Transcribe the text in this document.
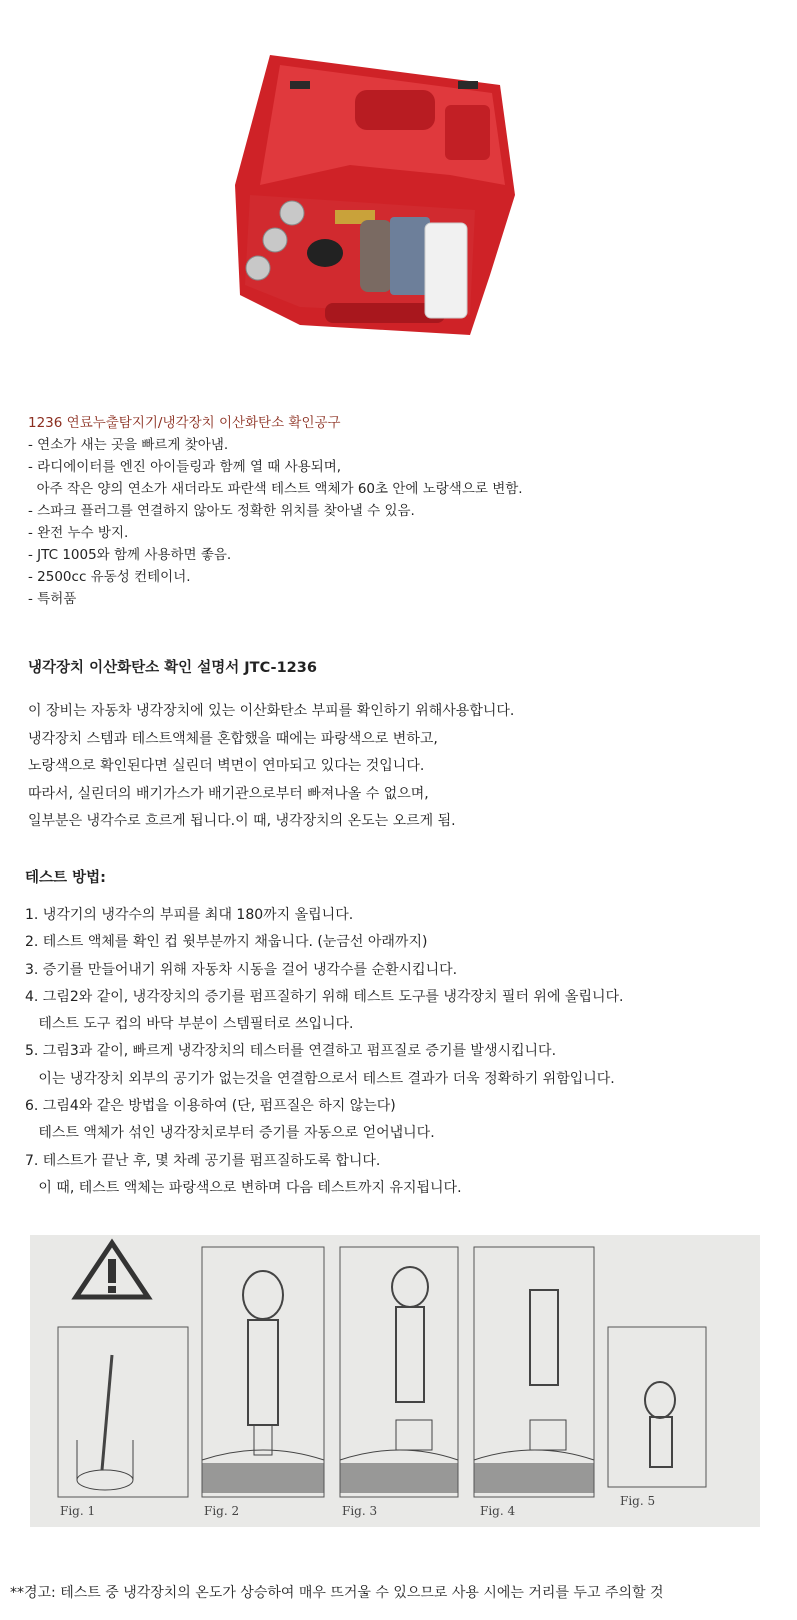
1236 연료누출탐지기/냉각장치 이산화탄소 확인공구
- 연소가 새는 곳을 빠르게 찾아냄.
- 라디에이터를 엔진 아이들링과 함께 열 때 사용되며,
아주 작은 양의 연소가 새더라도 파란색 테스트 액체가 60초 안에 노랑색으로 변함.
- 스파크 플러그를 연결하지 않아도 정확한 위치를 찾아낼 수 있음.
- 완전 누수 방지.
- JTC 1005와 함께 사용하면 좋음.
- 2500cc 유동성 컨테이너.
- 특허품
냉각장치 이산화탄소 확인 설명서 JTC-1236
이 장비는 자동차 냉각장치에 있는 이산화탄소 부피를 확인하기 위해사용합니다.
냉각장치 스템과 테스트액체를 혼합했을 때에는 파랑색으로 변하고,
노랑색으로 확인된다면 실린더 벽면이 연마되고 있다는 것입니다.
따라서, 실린더의 배기가스가 배기관으로부터 빠져나올 수 없으며,
일부분은 냉각수로 흐르게 됩니다.이 때, 냉각장치의 온도는 오르게 됨.
테스트 방법:
1. 냉각기의 냉각수의 부피를 최대 180까지 올립니다.
2. 테스트 액체를 확인 컵 윗부분까지 채웁니다. (눈금선 아래까지)
3. 증기를 만들어내기 위해 자동차 시동을 걸어 냉각수를 순환시킵니다.
4. 그림2와 같이, 냉각장치의 증기를 펌프질하기 위해 테스트 도구를 냉각장치 필터 위에 올립니다.
테스트 도구 컵의 바닥 부분이 스템필터로 쓰입니다.
5. 그림3과 같이, 빠르게 냉각장치의 테스터를 연결하고 펌프질로 증기를 발생시킵니다.
이는 냉각장치 외부의 공기가 없는것을 연결함으로서 테스트 결과가 더욱 정확하기 위함입니다.
6. 그림4와 같은 방법을 이용하여 (단, 펌프질은 하지 않는다)
테스트 액체가 섞인 냉각장치로부터 증기를 자동으로 얻어냅니다.
7. 테스트가 끝난 후, 몇 차례 공기를 펌프질하도록 합니다.
이 때, 테스트 액체는 파랑색으로 변하며 다음 테스트까지 유지됩니다.
Fig. 1	Fig. 2	Fig. 3	Fig. 4
Fig. 5
**경고: 테스트 중 냉각장치의 온도가 상승하여 매우 뜨거울 수 있으므로 사용 시에는 거리를 두고 주의할 것
